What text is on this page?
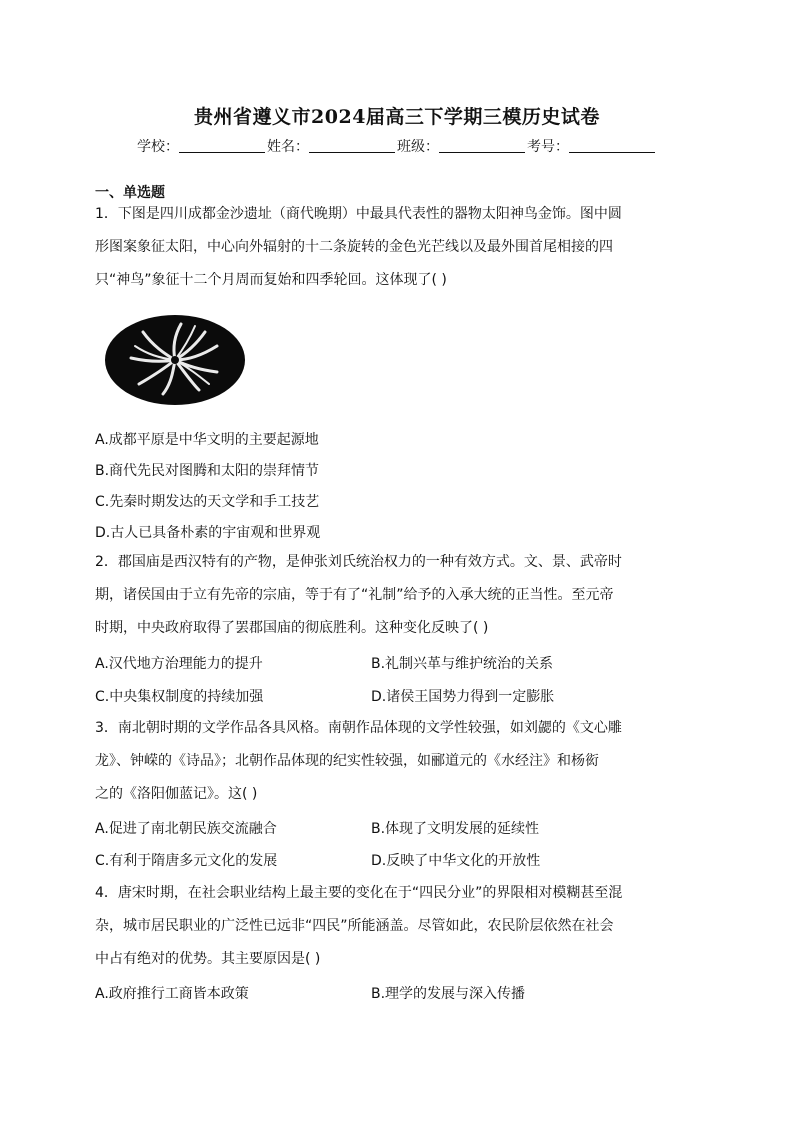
贵州省遵义市2024届高三下学期三模历史试卷
学校：	姓名：	班级：	考号：
一、单选题
1．下图是四川成都金沙遗址（商代晚期）中最具代表性的器物太阳神鸟金饰。图中圆
形图案象征太阳，中心向外辐射的十二条旋转的金色光芒线以及最外围首尾相接的四
只“神鸟”象征十二个月周而复始和四季轮回。这体现了( )
A.成都平原是中华文明的主要起源地
B.商代先民对图腾和太阳的崇拜情节
C.先秦时期发达的天文学和手工技艺
D.古人已具备朴素的宇宙观和世界观
2．郡国庙是西汉特有的产物，是伸张刘氏统治权力的一种有效方式。文、景、武帝时
期，诸侯国由于立有先帝的宗庙，等于有了“礼制”给予的入承大统的正当性。至元帝
时期，中央政府取得了罢郡国庙的彻底胜利。这种变化反映了( )
A.汉代地方治理能力的提升	B.礼制兴革与维护统治的关系
C.中央集权制度的持续加强	D.诸侯王国势力得到一定膨胀
3．南北朝时期的文学作品各具风格。南朝作品体现的文学性较强，如刘勰的《文心雕
龙》、钟嵘的《诗品》；北朝作品体现的纪实性较强，如郦道元的《水经注》和杨衒
之的《洛阳伽蓝记》。这( )
A.促进了南北朝民族交流融合	B.体现了文明发展的延续性
C.有利于隋唐多元文化的发展	D.反映了中华文化的开放性
4．唐宋时期，在社会职业结构上最主要的变化在于“四民分业”的界限相对模糊甚至混
杂，城市居民职业的广泛性已远非“四民”所能涵盖。尽管如此，农民阶层依然在社会
中占有绝对的优势。其主要原因是( )
A.政府推行工商皆本政策	B.理学的发展与深入传播
